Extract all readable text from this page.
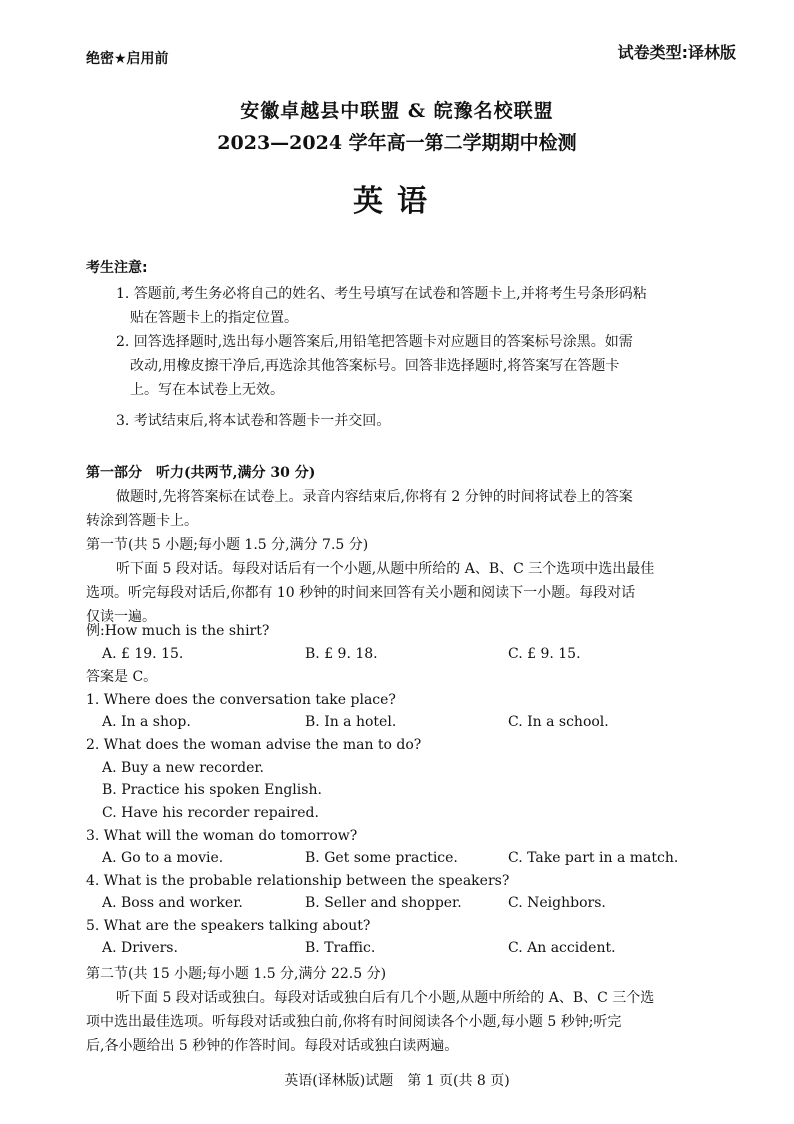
绝密★启用前	试卷类型:译林版
安徽卓越县中联盟 & 皖豫名校联盟
2023—2024 学年高一第二学期期中检测
英语
考生注意:
1. 答题前,考生务必将自己的姓名、考生号填写在试卷和答题卡上,并将考生号条形码粘
贴在答题卡上的指定位置。
2. 回答选择题时,选出每小题答案后,用铅笔把答题卡对应题目的答案标号涂黑。如需
改动,用橡皮擦干净后,再选涂其他答案标号。回答非选择题时,将答案写在答题卡
上。写在本试卷上无效。
3. 考试结束后,将本试卷和答题卡一并交回。
第一部分　听力(共两节,满分 30 分)
做题时,先将答案标在试卷上。录音内容结束后,你将有 2 分钟的时间将试卷上的答案
转涂到答题卡上。
第一节(共 5 小题;每小题 1.5 分,满分 7.5 分)
听下面 5 段对话。每段对话后有一个小题,从题中所给的 A、B、C 三个选项中选出最佳
选项。听完每段对话后,你都有 10 秒钟的时间来回答有关小题和阅读下一小题。每段对话
仅读一遍。
例:How much is the shirt?
A. £ 19. 15.	B. £ 9. 18.	C. £ 9. 15.
答案是 C。
1. Where does the conversation take place?
A. In a shop.	B. In a hotel.	C. In a school.
2. What does the woman advise the man to do?
A. Buy a new recorder.
B. Practice his spoken English.
C. Have his recorder repaired.
3. What will the woman do tomorrow?
A. Go to a movie.	B. Get some practice.	C. Take part in a match.
4. What is the probable relationship between the speakers?
A. Boss and worker.	B. Seller and shopper.	C. Neighbors.
5. What are the speakers talking about?
A. Drivers.	B. Traffic.	C. An accident.
第二节(共 15 小题;每小题 1.5 分,满分 22.5 分)
听下面 5 段对话或独白。每段对话或独白后有几个小题,从题中所给的 A、B、C 三个选
项中选出最佳选项。听每段对话或独白前,你将有时间阅读各个小题,每小题 5 秒钟;听完
后,各小题给出 5 秒钟的作答时间。每段对话或独白读两遍。
英语(译林版)试题　第 1 页(共 8 页)
